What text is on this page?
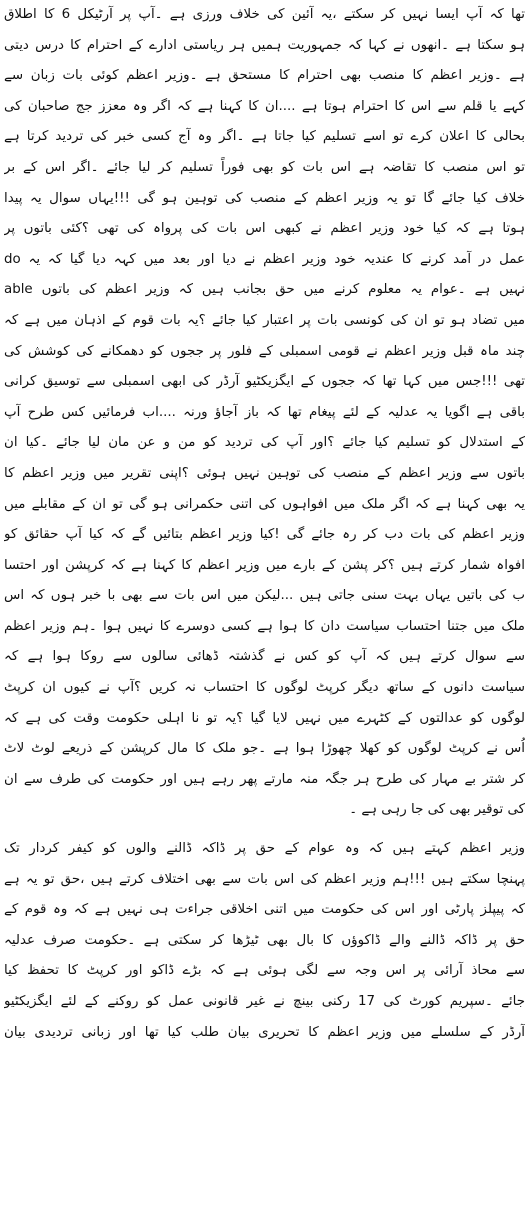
تھا کہ آپ ایسا نہیں کر سکتے ،یہ آئین کی خلاف ورزی ہے ۔آپ پر آرٹیکل 6 کا اطلاق
ہو سکتا ہے ۔انھوں نے کہا کہ جمہوریت ہمیں ہر ریاستی ادارے کے احترام کا درس دیتی
ہے ۔وزیر اعظم کا منصب بھی احترام کا مستحق ہے ۔وزیر اعظم کوئی بات زبان سے
کہے یا قلم سے اس کا احترام ہوتا ہے ....ان کا کہنا ہے کہ اگر وہ معزز جج صاحبان کی
بحالی کا اعلان کرے تو اسے تسلیم کیا جاتا ہے ۔اگر وہ آج کسی خبر کی تردید کرتا ہے
تو اس منصب کا تقاضہ ہے اس بات کو بھی فوراً تسلیم کر لیا جائے ۔اگر اس کے بر
خلاف کیا جائے گا تو یہ وزیر اعظم کے منصب کی توہین ہو گی !!!یہاں سوال یہ پیدا
ہوتا ہے کہ کیا خود وزیر اعظم نے کبھی اس بات کی پرواہ کی تھی ؟کئی باتوں پر
عمل در آمد کرنے کا عندیہ خود وزیر اعظم نے دیا اور بعد میں کہہ دیا گیا کہ یہ do
able نہیں ہے ۔عوام یہ معلوم کرنے میں حق بجانب ہیں کہ وزیر اعظم کی باتوں
میں تضاد ہو تو ان کی کونسی بات پر اعتبار کیا جائے ؟یہ بات قوم کے اذہان میں ہے کہ
چند ماہ قبل وزیر اعظم نے قومی اسمبلی کے فلور پر ججوں کو دھمکانے کی کوشش کی
تھی !!!جس میں کہا تھا کہ ججوں کے ایگزیکٹیو آرڈر کی ابھی اسمبلی سے توسیق کرانی
باقی ہے اگویا یہ عدلیہ کے لئے پیغام تھا کہ باز آجاؤ ورنہ ....اب فرمائیں کس طرح آپ
کے استدلال کو تسلیم کیا جائے ؟اور آپ کی تردید کو من و عن مان لیا جائے ۔کیا ان
باتوں سے وزیر اعظم کے منصب کی توہین نہیں ہوئی ؟اپنی تقریر میں وزیر اعظم کا
یہ بھی کہنا ہے کہ اگر ملک میں افواہوں کی اتنی حکمرانی ہو گی تو ان کے مقابلے میں
وزیر اعظم کی بات دب کر رہ جائے گی !کیا وزیر اعظم بتائیں گے کہ کیا آپ حقائق کو
افواہ شمار کرتے ہیں ؟کر پشن کے بارے میں وزیر اعظم کا کہنا ہے کہ کرپشن اور احتسا
ب کی باتیں یہاں بہت سنی جاتی ہیں ...لیکن میں اس بات سے بھی با خبر ہوں کہ اس
ملک میں جتنا احتساب سیاست دان کا ہوا ہے کسی دوسرے کا نہیں ہوا ۔ہم وزیر اعظم
سے سوال کرتے ہیں کہ آپ کو کس نے گذشتہ ڈھائی سالوں سے روکا ہوا ہے کہ
سیاست دانوں کے ساتھ دیگر کرپٹ لوگوں کا احتساب نہ کریں ؟آپ نے کیوں ان کرپٹ
لوگوں کو عدالتوں کے کٹہرے میں نہیں لایا گیا ؟یہ تو نا اہلی حکومت وقت کی ہے کہ
اُس نے کرپٹ لوگوں کو کھلا چھوڑا ہوا ہے ۔جو ملک کا مال کرپشن کے ذریعے لوٹ لاٹ
کر شتر بے مہار کی طرح ہر جگہ منہ مارتے پھر رہے ہیں اور حکومت کی طرف سے ان
کی توقیر بھی کی جا رہی ہے ۔
وزیر اعظم کہتے ہیں کہ وہ عوام کے حق پر ڈاکہ ڈالنے والوں کو کیفر کردار تک
پہنچا سکتے ہیں !!!ہم وزیر اعظم کی اس بات سے بھی اختلاف کرتے ہیں ،حق تو یہ ہے
کہ پیپلز پارٹی اور اس کی حکومت میں اتنی اخلاقی جراءت ہی نہیں ہے کہ وہ قوم کے
حق پر ڈاکہ ڈالنے والے ڈاکوؤں کا بال بھی ٹیڑھا کر سکتی ہے ۔حکومت صرف عدلیہ
سے محاذ آرائی پر اس وجہ سے لگی ہوئی ہے کہ بڑے ڈاکو اور کرپٹ کا تحفظ کیا
جائے ۔سپریم کورٹ کی 17 رکنی بینچ نے غیر قانونی عمل کو روکنے کے لئے ایگزیکٹیو
آرڈر کے سلسلے میں وزیر اعظم کا تحریری بیان طلب کیا تھا اور زبانی تردیدی بیان
